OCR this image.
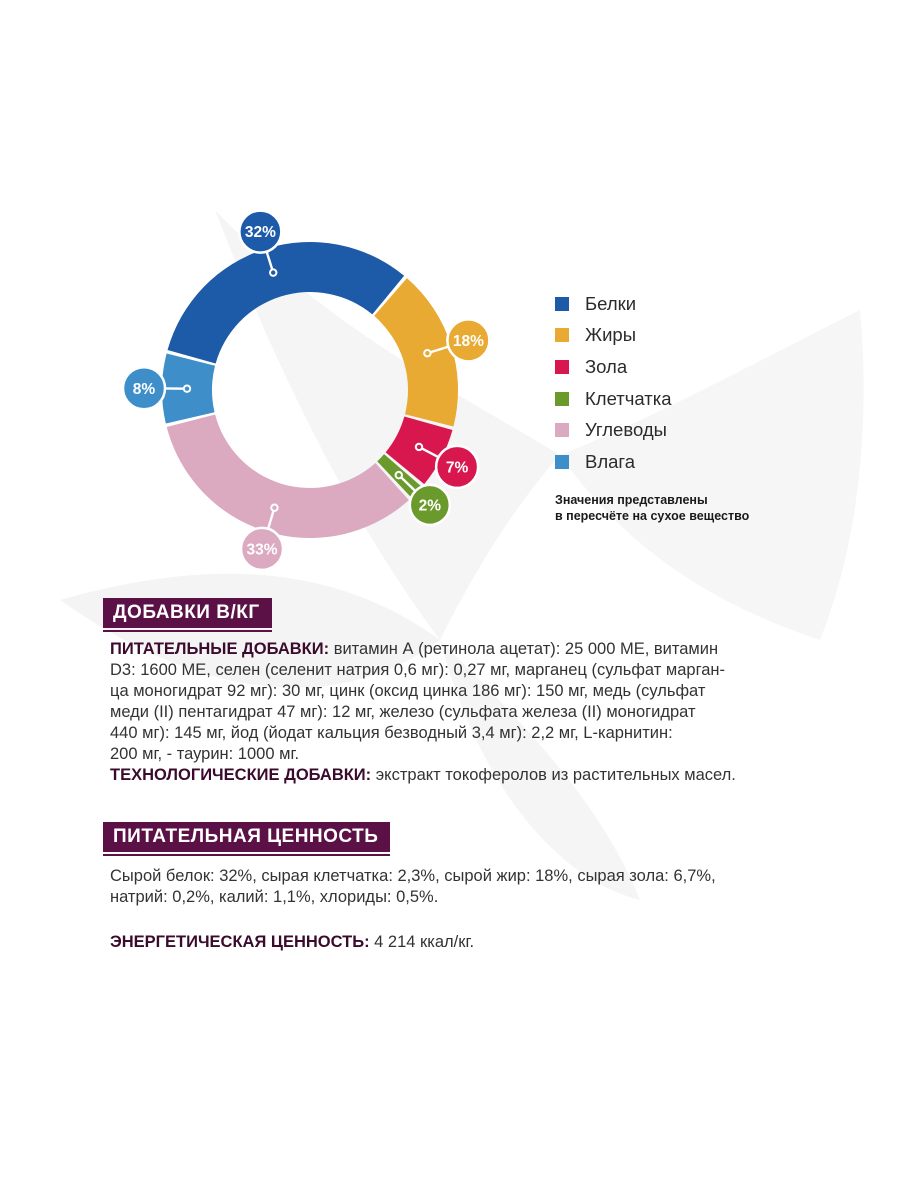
32%
18%
7%
2%
33%
8%
Белки
Жиры
Зола
Клетчатка
Углеводы
Влага
Значения представлены
в пересчёте на сухое вещество
ДОБАВКИ В/КГ
ПИТАТЕЛЬНЫЕ ДОБАВКИ: витамин А (ретинола ацетат): 25 000 МЕ, витамин
D3: 1600 МЕ, селен (селенит натрия 0,6 мг): 0,27 мг, марганец (сульфат марган-
ца моногидрат 92 мг): 30 мг, цинк (оксид цинка 186 мг): 150 мг, медь (сульфат
меди (II) пентагидрат 47 мг): 12 мг, железо (сульфата железа (II) моногидрат
440 мг): 145 мг, йод (йодат кальция безводный 3,4 мг): 2,2 мг, L-карнитин:
200 мг, - таурин: 1000 мг.
ТЕХНОЛОГИЧЕСКИЕ ДОБАВКИ: экстракт токоферолов из растительных масел.
ПИТАТЕЛЬНАЯ ЦЕННОСТЬ
Сырой белок: 32%, сырая клетчатка: 2,3%, сырой жир: 18%, сырая зола: 6,7%,
натрий: 0,2%, калий: 1,1%, хлориды: 0,5%.
ЭНЕРГЕТИЧЕСКАЯ ЦЕННОСТЬ: 4 214 ккал/кг.
